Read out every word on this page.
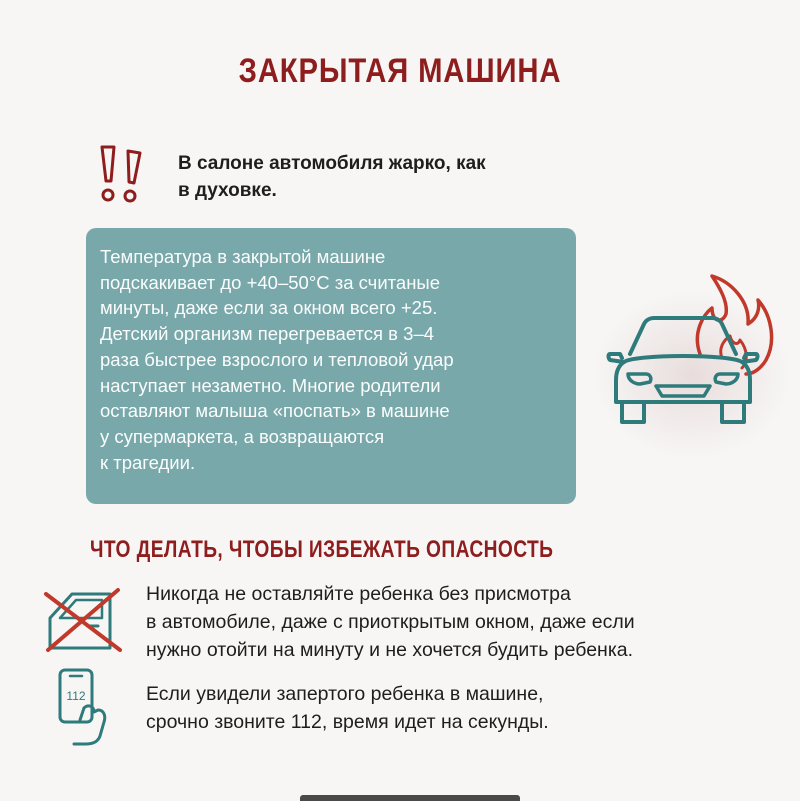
ЗАКРЫТАЯ МАШИНА
В салоне автомобиля жарко, как
в духовке.
Температура в закрытой машине
подскакивает до +40–50°C за считаные
минуты, даже если за окном всего +25.
Детский организм перегревается в 3–4
раза быстрее взрослого и тепловой удар
наступает незаметно. Многие родители
оставляют малыша «поспать» в машине
у супермаркета, а возвращаются
к трагедии.
ЧТО ДЕЛАТЬ, ЧТОБЫ ИЗБЕЖАТЬ ОПАСНОСТЬ
Никогда не оставляйте ребенка без присмотра
в автомобиле, даже с приоткрытым окном, даже если
нужно отойти на минуту и не хочется будить ребенка.
112	Если увидели запертого ребенка в машине,
срочно звоните 112, время идет на секунды.
